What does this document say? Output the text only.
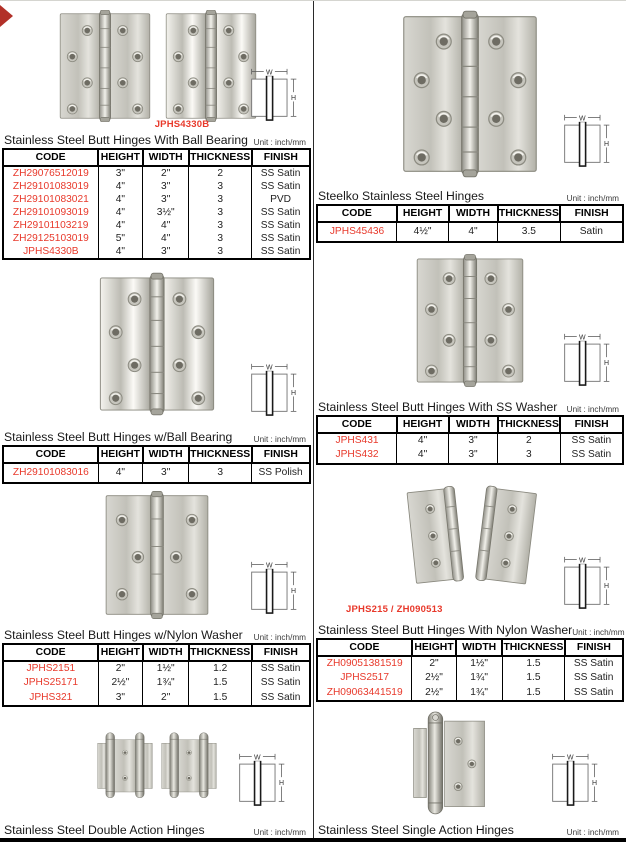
JPHS4330B
W
H
Stainless Steel Butt Hinges With Ball Bearing Unit : inch/mm
CODE	HEIGHT	WIDTH	THICKNESS	FINISH
ZH29076512019	3"	2"	2	SS Satin
ZH29101083019	4"	3"	3	SS Satin
ZH29101083021	4"	3"	3	PVD
ZH29101093019	4"	3½"	3	SS Satin
ZH29101103219	4"	4"	3	SS Satin
ZH29125103019	5"	4"	3	SS Satin
JPHS4330B	4"	3"	3	SS Satin
W
H
Stainless Steel Butt Hinges w/Ball Bearing	Unit : inch/mm
CODE	HEIGHT	WIDTH	THICKNESS	FINISH
ZH29101083016	4"	3"	3	SS Polish
W
H
Stainless Steel Butt Hinges w/Nylon Washer Unit : inch/mm
CODE	HEIGHT	WIDTH	THICKNESS	FINISH
JPHS2151	2"	1½"	1.2	SS Satin
JPHS25171	2½"	1¾"	1.5	SS Satin
JPHS321	3"	2"	1.5	SS Satin
W
H
Stainless Steel Double Action Hinges	Unit : inch/mm
W
H
Steelko Stainless Steel Hinges	Unit : inch/mm
CODE	HEIGHT	WIDTH	THICKNESS	FINISH
JPHS45436	4½"	4"	3.5	Satin
W
H
Stainless Steel Butt Hinges With SS Washer Unit : inch/mm
CODE	HEIGHT	WIDTH	THICKNESS	FINISH
JPHS431	4"	3"	2	SS Satin
JPHS432	4"	3"	3	SS Satin
JPHS215 / ZH090513
W
H
Stainless Steel Butt Hinges With Nylon Washer Unit : inch/mm
CODE	HEIGHT	WIDTH	THICKNESS	FINISH
ZH09051381519	2"	1½"	1.5	SS Satin
JPHS2517	2½"	1¾"	1.5	SS Satin
ZH09063441519	2½"	1¾"	1.5	SS Satin
W
H
Stainless Steel Single Action Hinges	Unit : inch/mm
